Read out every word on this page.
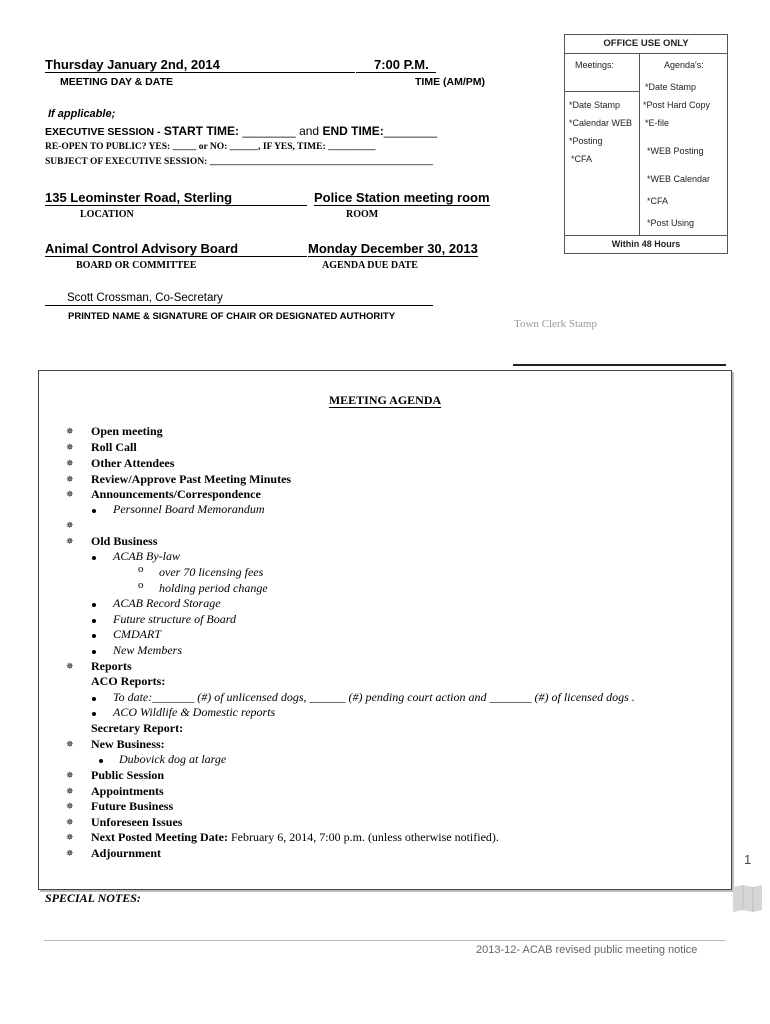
Thursday January 2nd, 2014	7:00 P.M.
MEETING DAY & DATE	TIME (AM/PM)
If applicable;
EXECUTIVE SESSION - START TIME: ________ and END TIME:________
RE-OPEN TO PUBLIC? YES: _____ or NO: ______, IF YES, TIME: __________
SUBJECT OF EXECUTIVE SESSION: _______________________________________________
135 Leominster Road, Sterling	Police Station meeting room
LOCATION	ROOM
Animal Control Advisory Board	Monday December 30, 2013
BOARD OR COMMITTEE	AGENDA DUE DATE
Scott Crossman, Co-Secretary
PRINTED NAME & SIGNATURE OF CHAIR OR DESIGNATED AUTHORITY
Town Clerk Stamp
OFFICE USE ONLY
Meetings:	Agenda's:
*Date Stamp
*Calendar WEB
*Posting
*CFA
*Date Stamp
*Post Hard Copy
*E-file
*WEB Posting
*WEB Calendar
*CFA
*Post Using
Within 48 Hours
MEETING AGENDA
✵ Open meeting
✵ Roll Call
✵ Other Attendees
✵ Review/Approve Past Meeting Minutes
✵ Announcements/Correspondence
Personnel Board Memorandum
✵
✵ Old Business
ACAB By-law
o over 70 licensing fees
o holding period change
ACAB Record Storage
Future structure of Board
CMDART
New Members
✵ Reports
ACO Reports:
To date:_______ (#) of unlicensed dogs, ______ (#) pending court action and _______ (#) of licensed dogs .
ACO Wildlife & Domestic reports
Secretary Report:
✵ New Business:
Dubovick dog at large
✵ Public Session
✵ Appointments
✵ Future Business
✵ Unforeseen Issues
✵ Next Posted Meeting Date: February 6, 2014, 7:00 p.m. (unless otherwise notified).
✵ Adjournment
SPECIAL NOTES:
1
2013-12- ACAB revised public meeting notice
